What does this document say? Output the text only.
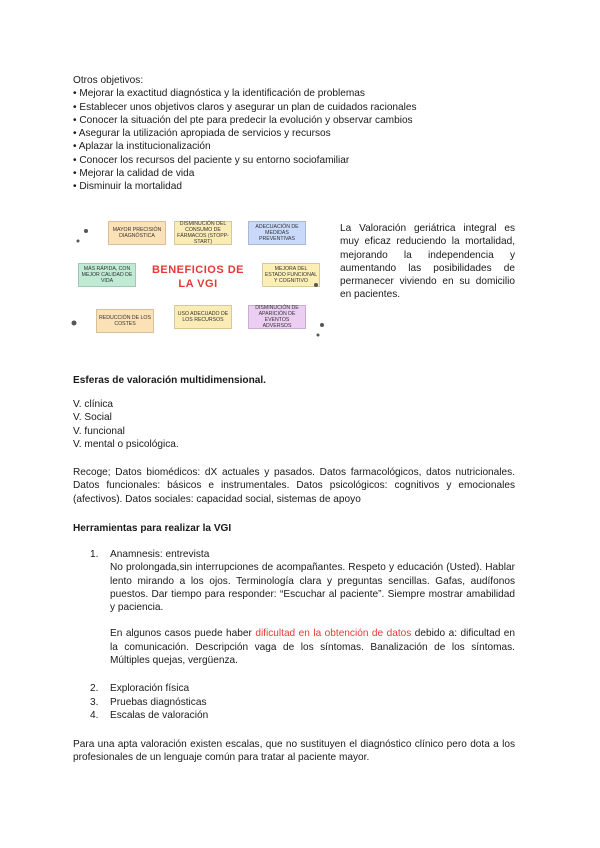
Otros objetivos:
• Mejorar la exactitud diagnóstica y la identificación de problemas
• Establecer unos objetivos claros y asegurar un plan de cuidados racionales
• Conocer la situación del pte para predecir la evolución y observar cambios
• Asegurar la utilización apropiada de servicios y recursos
• Aplazar la institucionalización
• Conocer los recursos del paciente y su entorno sociofamiliar
• Mejorar la calidad de vida
• Disminuir la mortalidad
MAYOR PRECISIÓN DIAGNÓSTICA
DISMINUCIÓN DEL CONSUMO DE FÁRMACOS (STOPP-START)
ADECUACIÓN DE MEDIDAS PREVENTIVAS
MÁS RÁPIDA, CON MEJOR CALIDAD DE VIDA
BENEFICIOS DE
LA VGI
MEJORA DEL ESTADO FUNCIONAL Y COGNITIVO
REDUCCIÓN DE LOS COSTES
USO ADECUADO DE LOS RECURSOS
DISMINUCIÓN DE APARICIÓN DE EVENTOS ADVERSOS
La Valoración geriátrica integral es muy eficaz reduciendo la mortalidad, mejorando la independencia y aumentando las posibilidades de permanecer viviendo en su domicilio en pacientes.
Esferas de valoración multidimensional.
V. clínica
V. Social
V. funcional
V. mental o psicológica.
Recoge; Datos biomédicos: dX actuales y pasados. Datos farmacológicos, datos nutricionales. Datos funcionales: básicos e instrumentales. Datos psicológicos: cognitivos y emocionales (afectivos). Datos sociales: capacidad social, sistemas de apoyo
Herramientas para realizar la VGI
1. Anamnesis: entrevista
No prolongada,sin interrupciones de acompañantes. Respeto y educación (Usted). Hablar lento mirando a los ojos. Terminología clara y preguntas sencillas. Gafas, audífonos puestos. Dar tiempo para responder: “Escuchar al paciente”. Siempre mostrar amabilidad y paciencia.
En algunos casos puede haber dificultad en la obtención de datos debido a: dificultad en la comunicación. Descripción vaga de los síntomas. Banalización de los síntomas. Múltiples quejas, vergüenza.
2. Exploración física
3. Pruebas diagnósticas
4. Escalas de valoración
Para una apta valoración existen escalas, que no sustituyen el diagnóstico clínico pero dota a los profesionales de un lenguaje común para tratar al paciente mayor.
